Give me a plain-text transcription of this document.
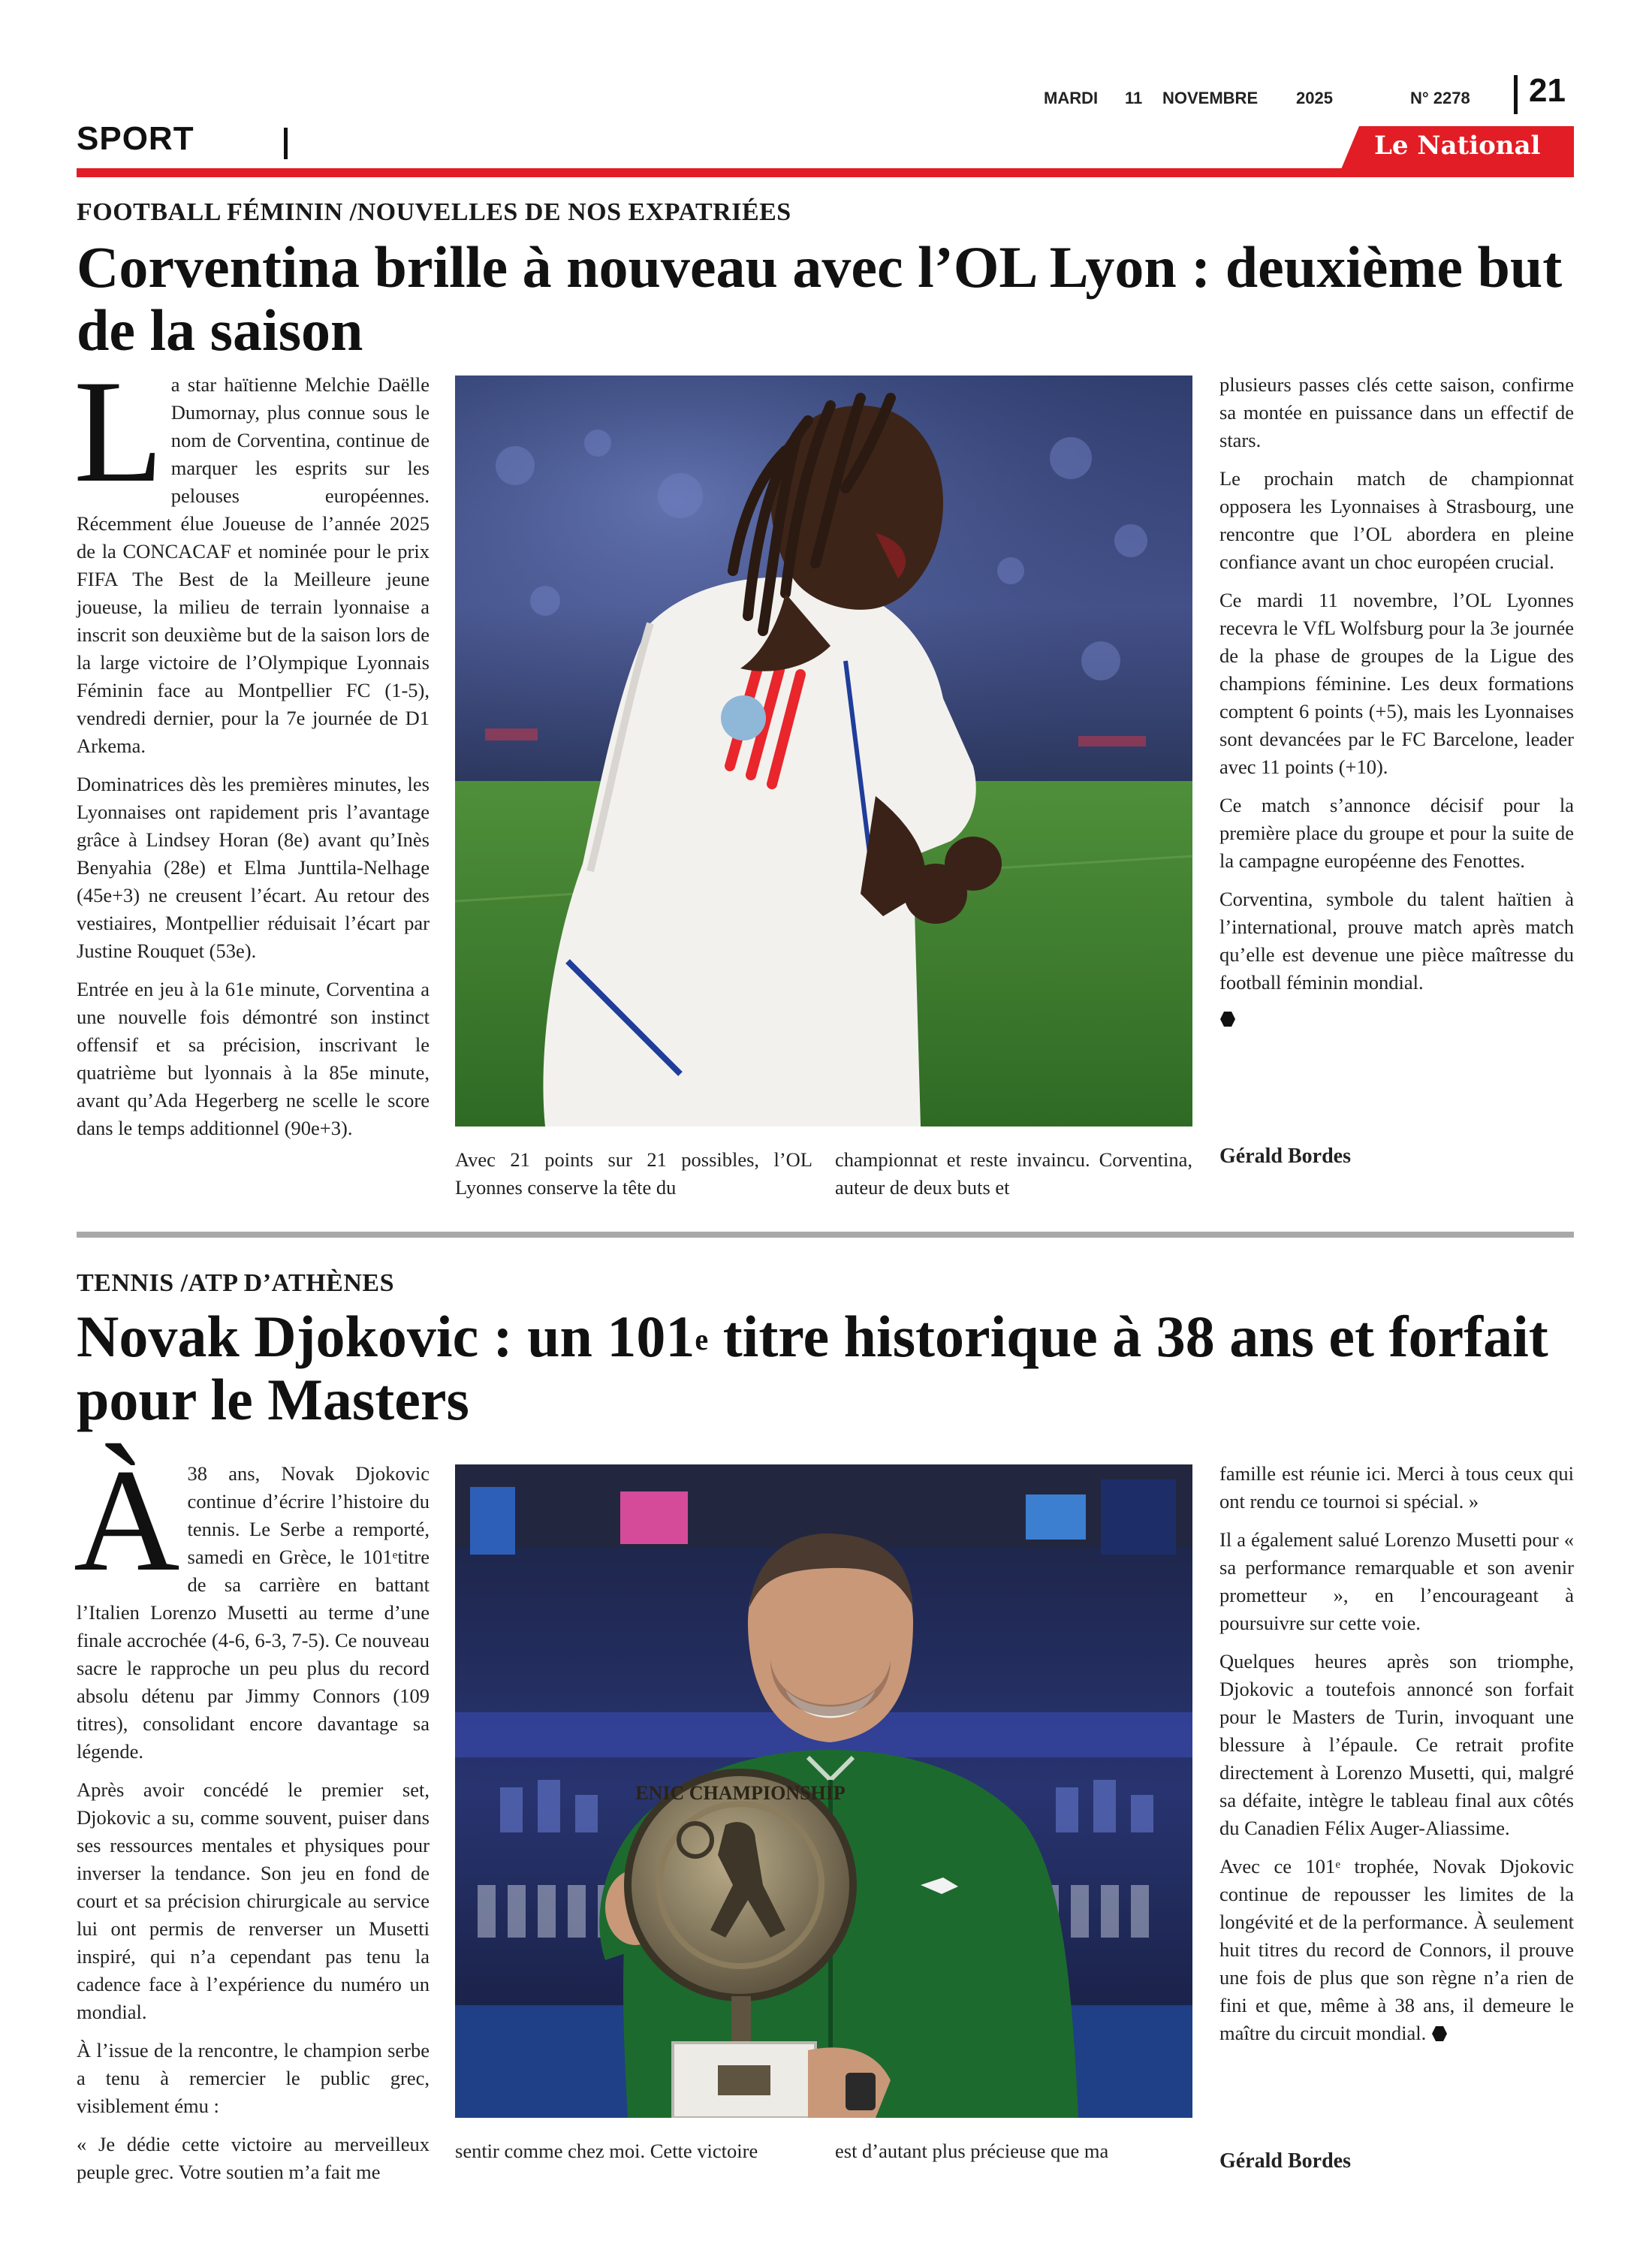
MARDI 11 NOVEMBRE 2025	N° 2278 21
SPORT	Le National
FOOTBALL FÉMININ /NOUVELLES DE NOS EXPATRIÉES
Corventina brille à nouveau avec l’OL Lyon : deuxième but de la saison
L a star haïtienne Melchie Daëlle Dumornay, plus connue sous le nom de Corventina, continue de marquer les esprits sur les pelouses européennes. Récemment élue Joueuse de l’année 2025 de la CONCACAF et nominée pour le prix FIFA The Best de la Meilleure jeune joueuse, la milieu de terrain lyonnaise a inscrit son deuxième but de la saison lors de la large victoire de l’Olympique Lyonnais Féminin face au Montpellier FC (1-5), vendredi dernier, pour la 7e journée de D1 Arkema.

Dominatrices dès les premières minutes, les Lyonnaises ont rapidement pris l’avantage grâce à Lindsey Horan (8e) avant qu’Inès Benyahia (28e) et Elma Junttila-Nelhage (45e+3) ne creusent l’écart. Au retour des vestiaires, Montpellier réduisait l’écart par Justine Rouquet (53e).

Entrée en jeu à la 61e minute, Corventina a une nouvelle fois démontré son instinct offensif et sa précision, inscrivant le quatrième but lyonnais à la 85e minute, avant qu’Ada Hegerberg ne scelle le score dans le temps additionnel (90e+3).

Avec 21 points sur 21 possibles, l’OL Lyonnes conserve la tête du
championnat et reste invaincu. Corventina, auteur de deux buts et

plusieurs passes clés cette saison, confirme sa montée en puissance dans un effectif de stars.

Le prochain match de championnat opposera les Lyonnaises à Strasbourg, une rencontre que l’OL abordera en pleine confiance avant un choc européen crucial.

Ce mardi 11 novembre, l’OL Lyonnes recevra le VfL Wolfsburg pour la 3e journée de la phase de groupes de la Ligue des champions féminine. Les deux formations comptent 6 points (+5), mais les Lyonnaises sont devancées par le FC Barcelone, leader avec 11 points (+10).

Ce match s’annonce décisif pour la première place du groupe et pour la suite de la campagne européenne des Fenottes.

Corventina, symbole du talent haïtien à l’international, prouve match après match qu’elle est devenue une pièce maîtresse du football féminin mondial.

Gérald Bordes
TENNIS /ATP D’ATHÈNES
Novak Djokovic : un 101e titre historique à 38 ans et forfait pour le Masters
À 38 ans, Novak Djokovic continue d’écrire l’histoire du tennis. Le Serbe a remporté, samedi en Grèce, le 101etitre de sa carrière en battant l’Italien Lorenzo Musetti au terme d’une finale accrochée (4-6, 6-3, 7-5). Ce nouveau sacre le rapproche un peu plus du record absolu détenu par Jimmy Connors (109 titres), consolidant encore davantage sa légende.

Après avoir concédé le premier set, Djokovic a su, comme souvent, puiser dans ses ressources mentales et physiques pour inverser la tendance. Son jeu en fond de court et sa précision chirurgicale au service lui ont permis de renverser un Musetti inspiré, qui n’a cependant pas tenu la cadence face à l’expérience du numéro un mondial.

À l’issue de la rencontre, le champion serbe a tenu à remercier le public grec, visiblement ému :

« Je dédie cette victoire au merveilleux peuple grec. Votre soutien m’a fait me

ENIC CHAMPIONSHIP
sentir comme chez moi. Cette victoire	est d’autant plus précieuse que ma

famille est réunie ici. Merci à tous ceux qui ont rendu ce tournoi si spécial. »

Il a également salué Lorenzo Musetti pour « sa performance remarquable et son avenir prometteur », en l’encourageant à poursuivre sur cette voie.

Quelques heures après son triomphe, Djokovic a toutefois annoncé son forfait pour le Masters de Turin, invoquant une blessure à l’épaule. Ce retrait profite directement à Lorenzo Musetti, qui, malgré sa défaite, intègre le tableau final aux côtés du Canadien Félix Auger-Aliassime.

Avec ce 101e trophée, Novak Djokovic continue de repousser les limites de la longévité et de la performance. À seulement huit titres du record de Connors, il prouve une fois de plus que son règne n’a rien de fini et que, même à 38 ans, il demeure le maître du circuit mondial.

Gérald Bordes
